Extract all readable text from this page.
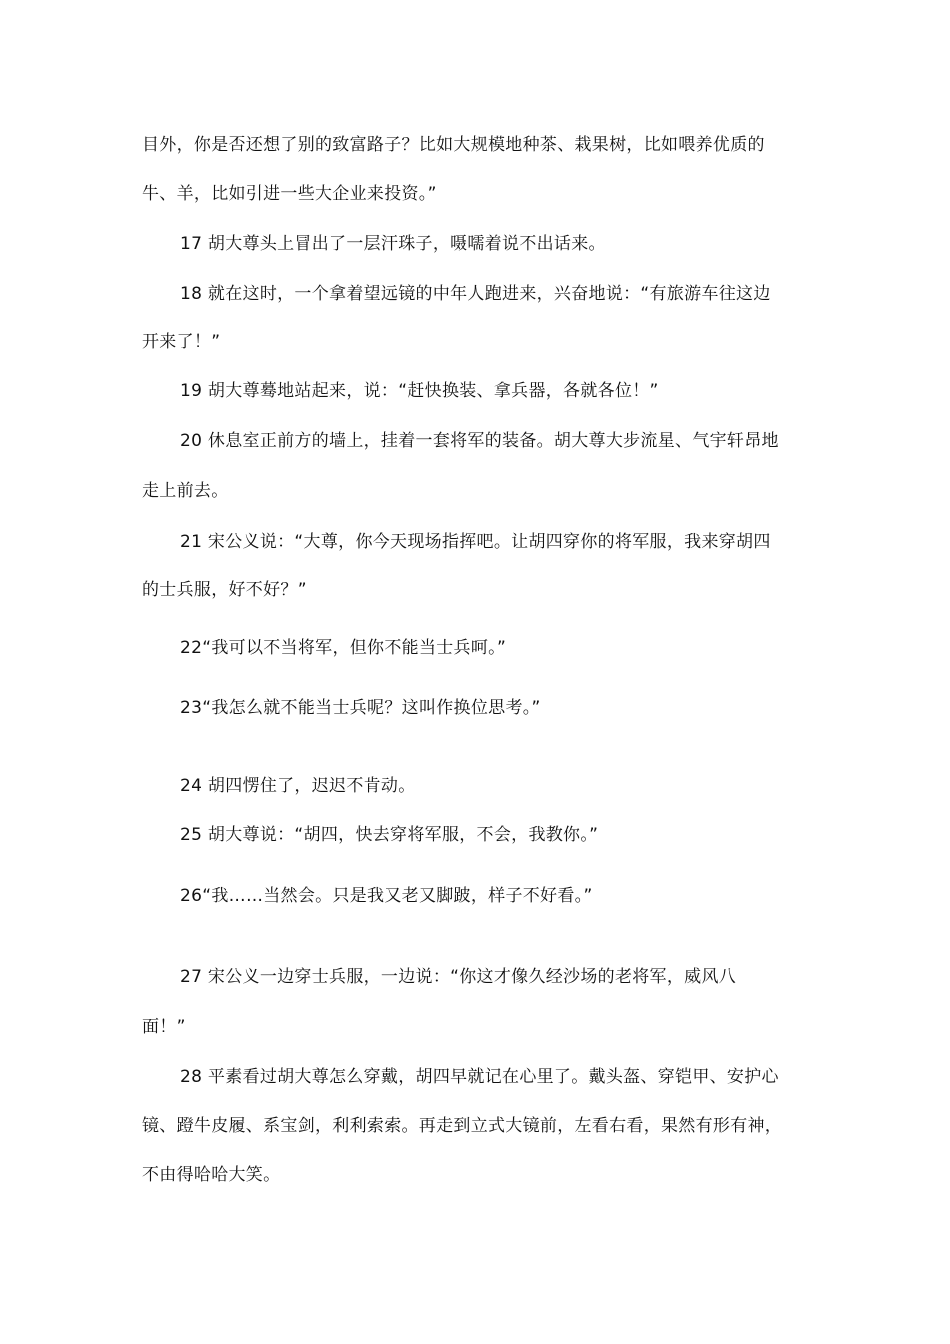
目外，你是否还想了别的致富路子？比如大规模地种茶、栽果树，比如喂养优质的
牛、羊，比如引进一些大企业来投资。”
17 胡大尊头上冒出了一层汗珠子，嗫嚅着说不出话来。
18 就在这时，一个拿着望远镜的中年人跑进来，兴奋地说：“有旅游车往这边
开来了！”
19 胡大尊蓦地站起来，说：“赶快换装、拿兵器，各就各位！”
20 休息室正前方的墙上，挂着一套将军的装备。胡大尊大步流星、气宇轩昂地
走上前去。
21 宋公义说：“大尊，你今天现场指挥吧。让胡四穿你的将军服，我来穿胡四
的士兵服，好不好？”
22“我可以不当将军，但你不能当士兵呵。”
23“我怎么就不能当士兵呢？这叫作换位思考。”
24 胡四愣住了，迟迟不肯动。
25 胡大尊说：“胡四，快去穿将军服，不会，我教你。”
26“我……当然会。只是我又老又脚跛，样子不好看。”
27 宋公义一边穿士兵服，一边说：“你这才像久经沙场的老将军，威风八
面！”
28 平素看过胡大尊怎么穿戴，胡四早就记在心里了。戴头盔、穿铠甲、安护心
镜、蹬牛皮履、系宝剑，利利索索。再走到立式大镜前，左看右看，果然有形有神，
不由得哈哈大笑。
